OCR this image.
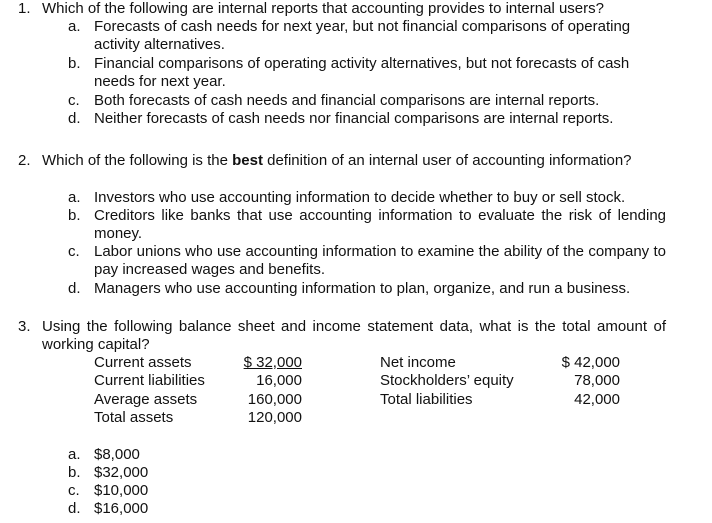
1. Which of the following are internal reports that accounting provides to internal users?
a. Forecasts of cash needs for next year, but not financial comparisons of operating activity alternatives.
b. Financial comparisons of operating activity alternatives, but not forecasts of cash needs for next year.
c. Both forecasts of cash needs and financial comparisons are internal reports.
d. Neither forecasts of cash needs nor financial comparisons are internal reports.
2. Which of the following is the best definition of an internal user of accounting information?
a. Investors who use accounting information to decide whether to buy or sell stock.
b. Creditors like banks that use accounting information to evaluate the risk of lending money.
c. Labor unions who use accounting information to examine the ability of the company to pay increased wages and benefits.
d. Managers who use accounting information to plan, organize, and run a business.
3. Using the following balance sheet and income statement data, what is the total amount of working capital?
Current assets	$ 32,000
Current liabilities	16,000
Average assets	160,000
Total assets	120,000
Net income	$ 42,000
Stockholders’ equity	78,000
Total liabilities	42,000
a. $8,000
b. $32,000
c. $10,000
d. $16,000
